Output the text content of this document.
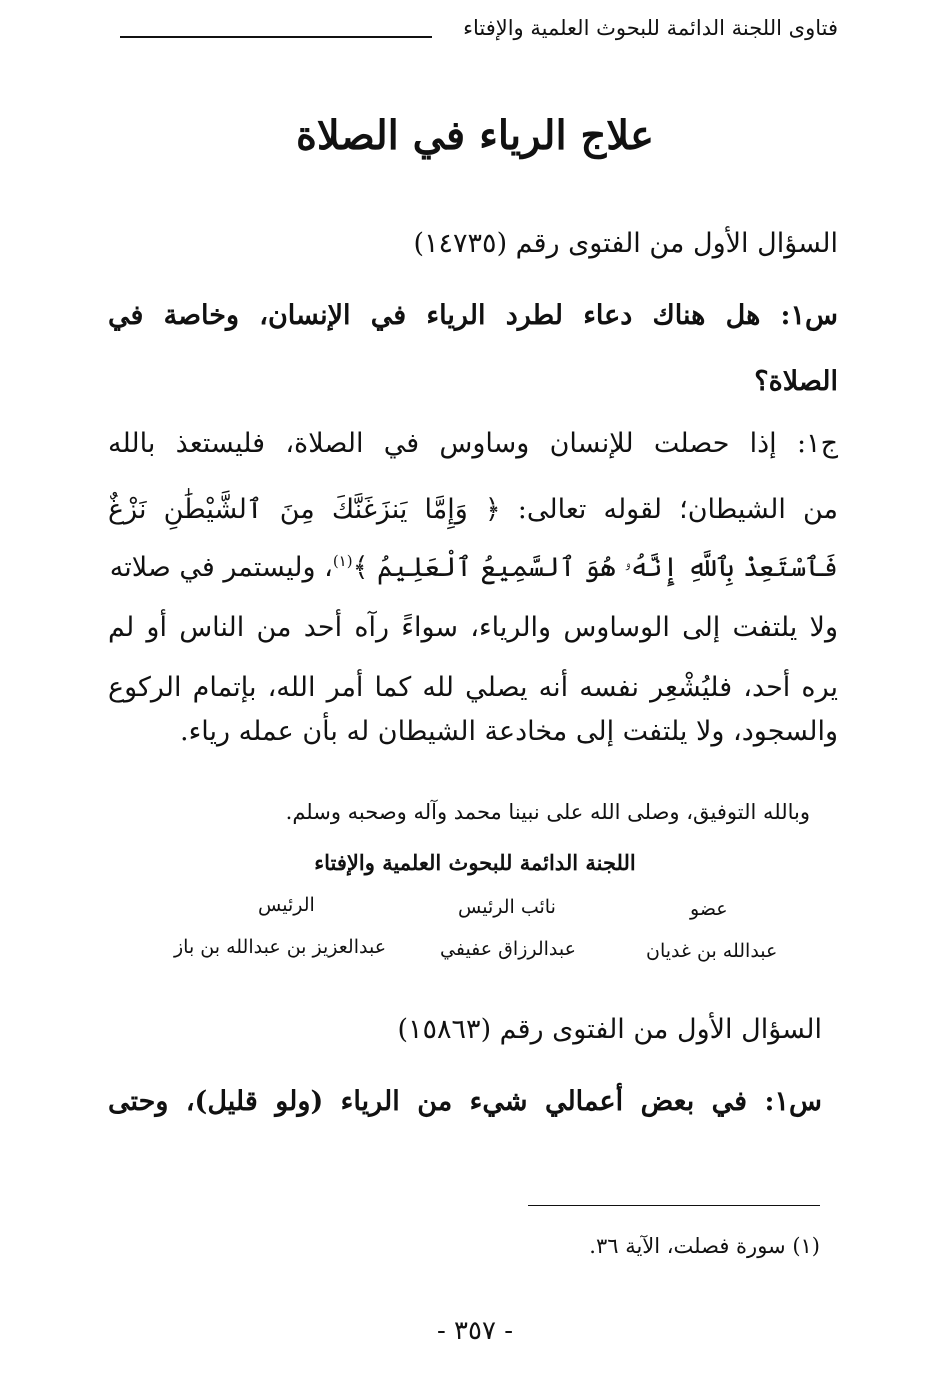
فتاوى اللجنة الدائمة للبحوث العلمية والإفتاء
علاج الرياء في الصلاة
السؤال الأول من الفتوى رقم (١٤٧٣٥)
س١: هل هناك دعاء لطرد الرياء في الإنسان، وخاصة في
الصلاة؟
ج١: إذا حصلت للإنسان وساوس في الصلاة، فليستعذ بالله
من الشيطان؛ لقوله تعالى: ﴿ وَإِمَّا يَنزَغَنَّكَ مِنَ ٱلشَّيْطَٰنِ نَزْغٌ
فَٱسْتَعِذْ بِٱللَّهِ إِنَّهُۥ هُوَ ٱلسَّمِيعُ ٱلْعَلِيمُ ﴾$^{(١)}$، وليستمر في صلاته
ولا يلتفت إلى الوساوس والرياء، سواءً رآه أحد من الناس أو لم
يره أحد، فليُشْعِر نفسه أنه يصلي لله كما أمر الله، بإتمام الركوع
والسجود، ولا يلتفت إلى مخادعة الشيطان له بأن عمله رياء.
وبالله التوفيق، وصلى الله على نبينا محمد وآله وصحبه وسلم.
اللجنة الدائمة للبحوث العلمية والإفتاء
عضو
نائب الرئيس
الرئيس
عبدالله بن غديان
عبدالرزاق عفيفي
عبدالعزيز بن عبدالله بن باز
السؤال الأول من الفتوى رقم (١٥٨٦٣)
س١: في بعض أعمالي شيء من الرياء (ولو قليل)، وحتى
(١) سورة فصلت، الآية ٣٦.
- ٣٥٧ -
